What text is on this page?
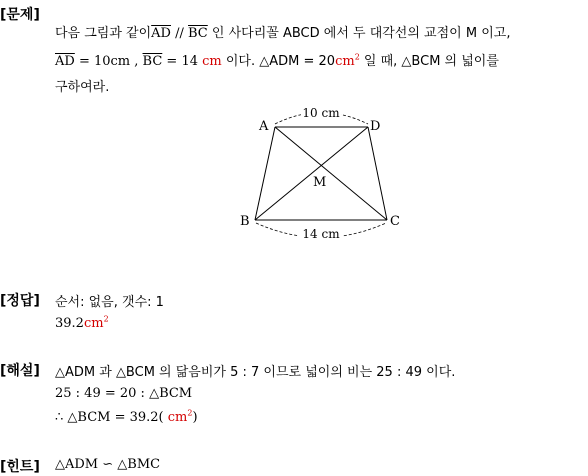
[문제]
다음 그림과 같이$\overline{AD} // \overline{BC}$ 인 사다리꼴 ABCD 에서 두 대각선의 교점이 M 이고,
$\overline{AD} = 10cm$ , $\overline{BC} = 14$ cm 이다. △ADM = $20cm^2$ 일 때, △BCM 의 넓이를
구하여라.
10 cm
14 cm
A	D
B	C
M
[정답] 순서: 없음, 갯수: 1
$39.2cm^2$
[해설] △ADM 과 △BCM 의 닮음비가 5 : 7 이므로 넓이의 비는 25 : 49 이다.
25 : 49 = 20 : △BCM
∴ △BCM = 39.2( $cm^2$)
[힌트] △ADM ∽ △BMC
